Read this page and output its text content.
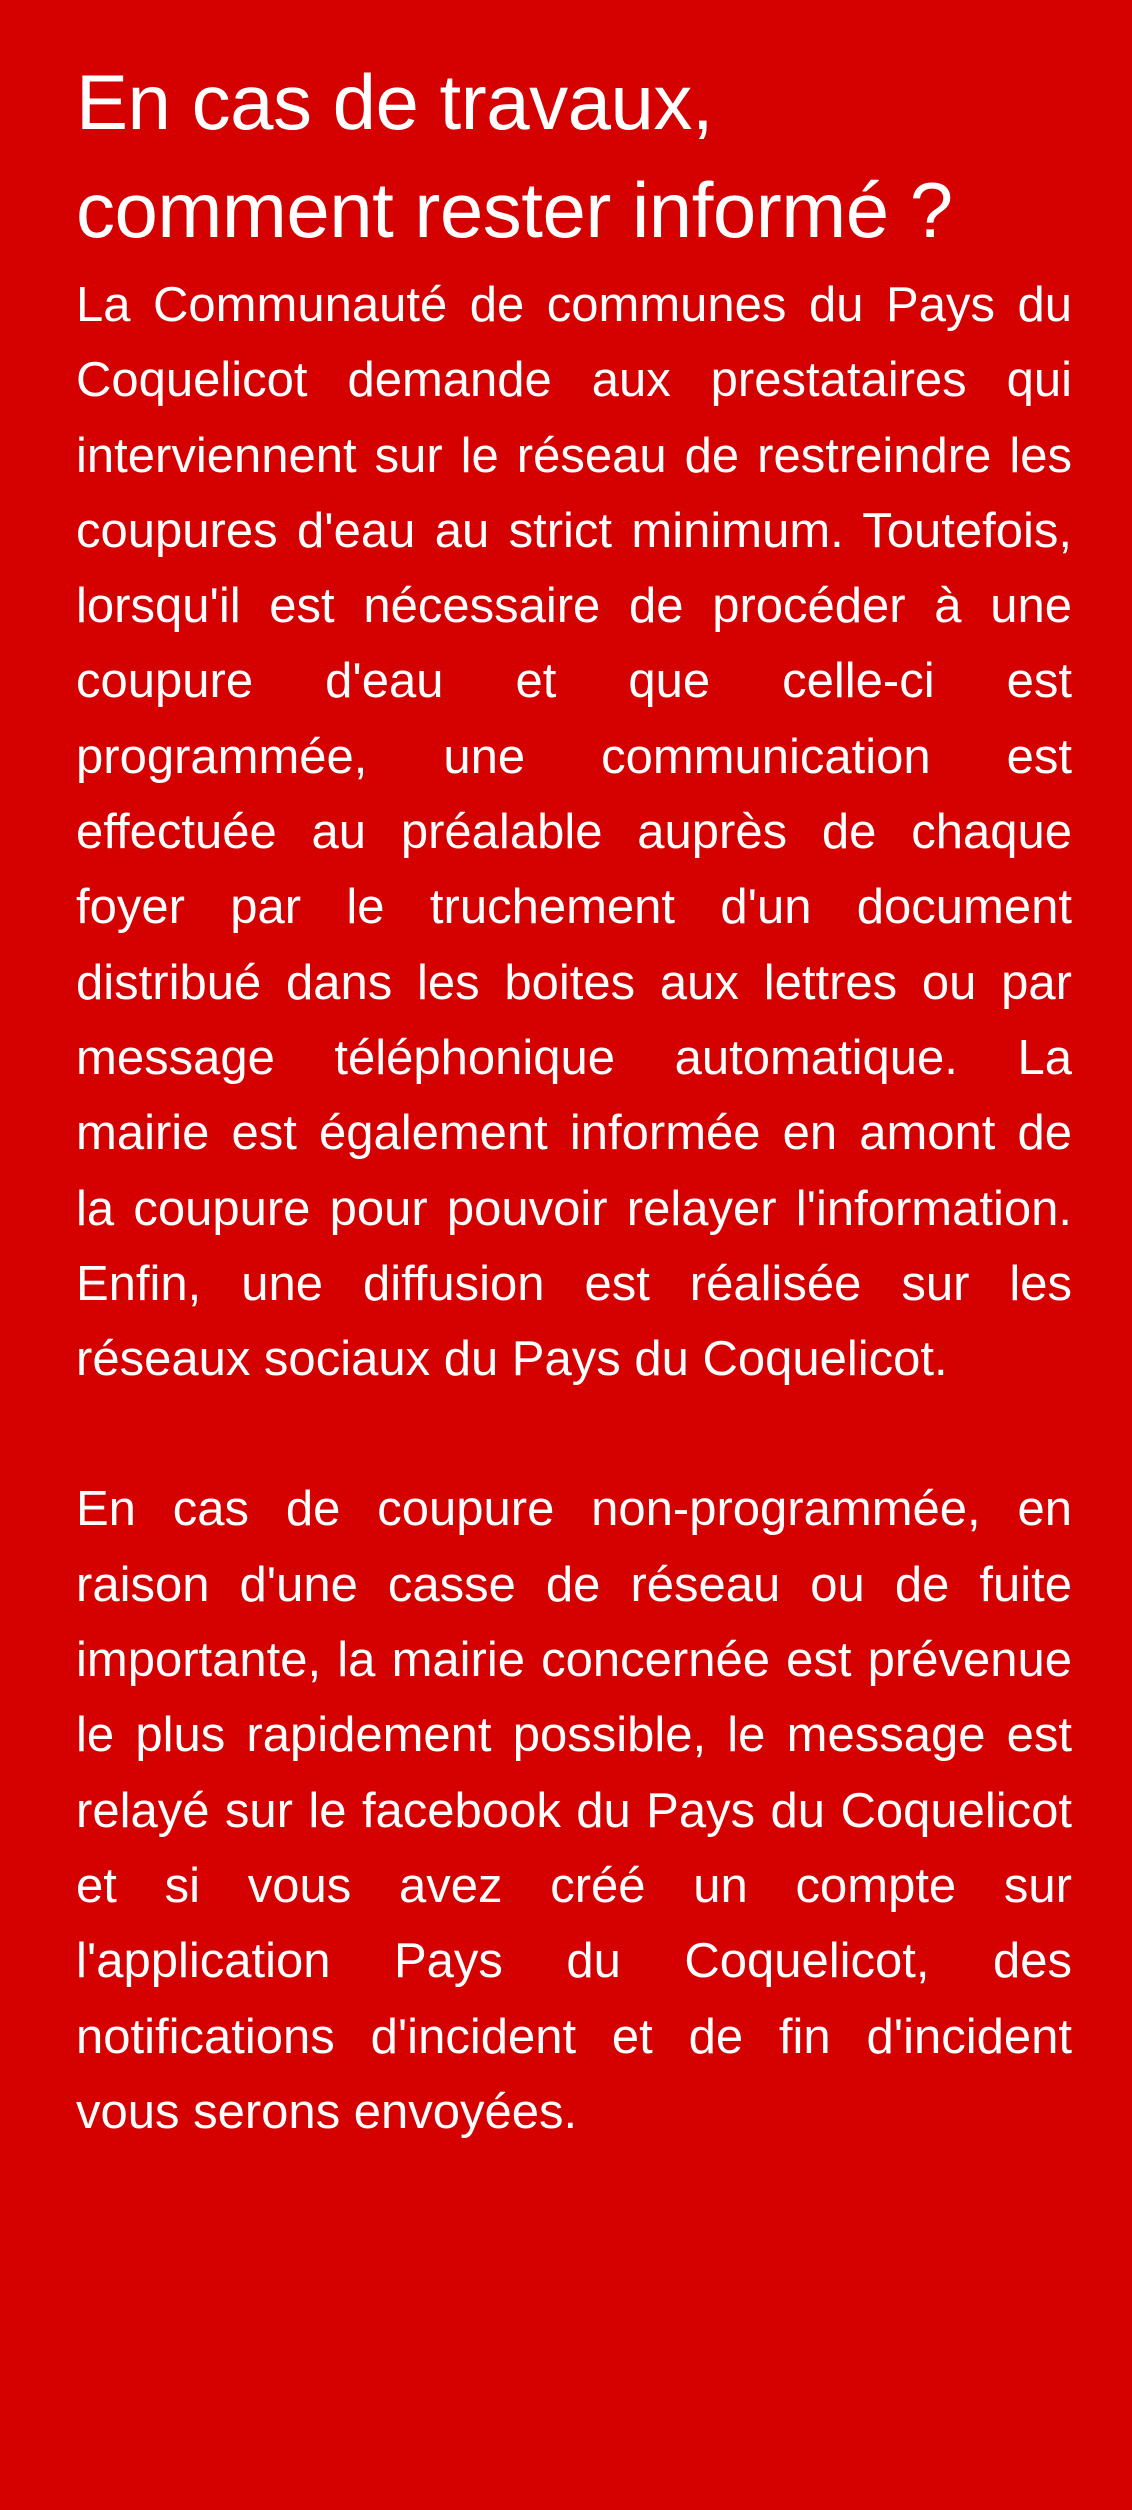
En cas de travaux,
comment rester informé ?

La Communauté de communes du Pays du Coquelicot demande aux prestataires qui interviennent sur le réseau de restreindre les coupures d'eau au strict minimum. Toutefois, lorsqu'il est nécessaire de procéder à une coupure d'eau et que celle-ci est programmée, une communication est effectuée au préalable auprès de chaque foyer par le truchement d'un document distribué dans les boites aux lettres ou par message téléphonique automatique. La mairie est également informée en amont de la coupure pour pouvoir relayer l'information. Enfin, une diffusion est réalisée sur les réseaux sociaux du Pays du Coquelicot.

En cas de coupure non-programmée, en raison d'une casse de réseau ou de fuite importante, la mairie concernée est prévenue le plus rapidement possible, le message est relayé sur le facebook du Pays du Coquelicot et si vous avez créé un compte sur l'application Pays du Coquelicot, des notifications d'incident et de fin d'incident vous serons envoyées.
